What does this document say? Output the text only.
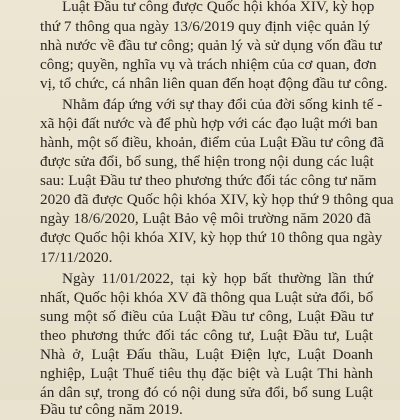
Luật Đầu tư công được Quốc hội khóa XIV, kỳ họp
thứ 7 thông qua ngày 13/6/2019 quy định việc quản lý
nhà nước về đầu tư công; quản lý và sử dụng vốn đầu tư
công; quyền, nghĩa vụ và trách nhiệm của cơ quan, đơn
vị, tổ chức, cá nhân liên quan đến hoạt động đầu tư công.
Nhằm đáp ứng với sự thay đổi của đời sống kinh tế -
xã hội đất nước và để phù hợp với các đạo luật mới ban
hành, một số điều, khoản, điểm của Luật Đầu tư công đã
được sửa đổi, bổ sung, thể hiện trong nội dung các luật
sau: Luật Đầu tư theo phương thức đối tác công tư năm
2020 đã được Quốc hội khóa XIV, kỳ họp thứ 9 thông qua
ngày 18/6/2020, Luật Bảo vệ môi trường năm 2020 đã
được Quốc hội khóa XIV, kỳ họp thứ 10 thông qua ngày
17/11/2020.
Ngày 11/01/2022, tại kỳ họp bất thường lần thứ
nhất, Quốc hội khóa XV đã thông qua Luật sửa đổi, bổ
sung một số điều của Luật Đầu tư công, Luật Đầu tư
theo phương thức đối tác công tư, Luật Đầu tư, Luật
Nhà ở, Luật Đấu thầu, Luật Điện lực, Luật Doanh
nghiệp, Luật Thuế tiêu thụ đặc biệt và Luật Thi hành
án dân sự, trong đó có nội dung sửa đổi, bổ sung Luật
Đầu tư công năm 2019.
